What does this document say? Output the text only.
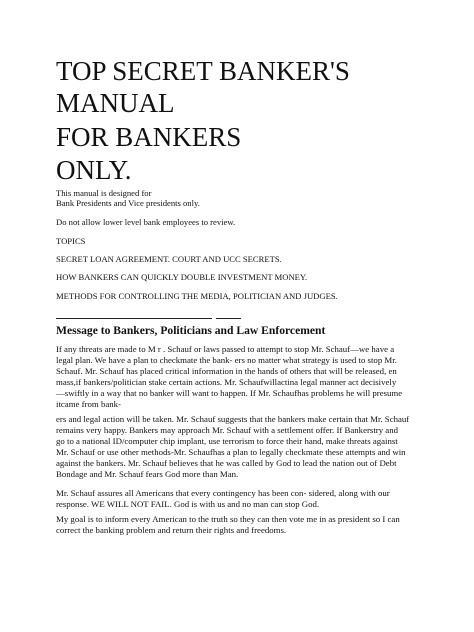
TOP SECRET BANKER'S
MANUAL
FOR BANKERS
ONLY.
This manual is designed for
Bank Presidents and Vice presidents only.
Do not allow lower level bank employees to review.
TOPICS
SECRET LOAN AGREEMENT. COURT AND UCC SECRETS.
HOW BANKERS CAN QUICKLY DOUBLE INVESTMENT MONEY.
METHODS FOR CONTROLLING THE MEDIA, POLITICIAN AND JUDGES.
Message to Bankers, Politicians and Law Enforcement
If any threats are made to M r . Schauf or laws passed to attempt to stop Mr. Schauf—we have a
legal plan. We have a plan to checkmate the bank- ers no matter what strategy is used to stop Mr.
Schauf. Mr. Schauf has placed critical information in the hands of others that will be released, en
mass,if bankers/politician stake certain actions. Mr. Schaufwillactina legal manner act decisively
—swiftly in a way that no banker will want to happen. If Mr. Schaufhas problems he will presume
itcame from bank-
ers and legal action will be taken. Mr. Schauf suggests that the bankers make certain that Mr. Schauf
remains very happy. Bankers may approach Mr. Schauf with a settlement offer. If Bankerstry and
go to a national ID/computer chip implant, use terrorism to force their hand, make threats against
Mr. Schauf or use other methods-Mr. Schaufhas a plan to legally checkmate these attempts and win
against the bankers. Mr. Schauf believes that he was called by God to lead the nation out of Debt
Bondage and Mr. Schauf fears God more than Man.
Mr. Schauf assures all Americans that every contingency has been con- sidered, along with our
response. WE WILL NOT FAIL. God is with us and no man can stop God.
My goal is to inform every American to the truth so they can then vote me in as president so I can
correct the banking problem and return their rights and freedoms.
